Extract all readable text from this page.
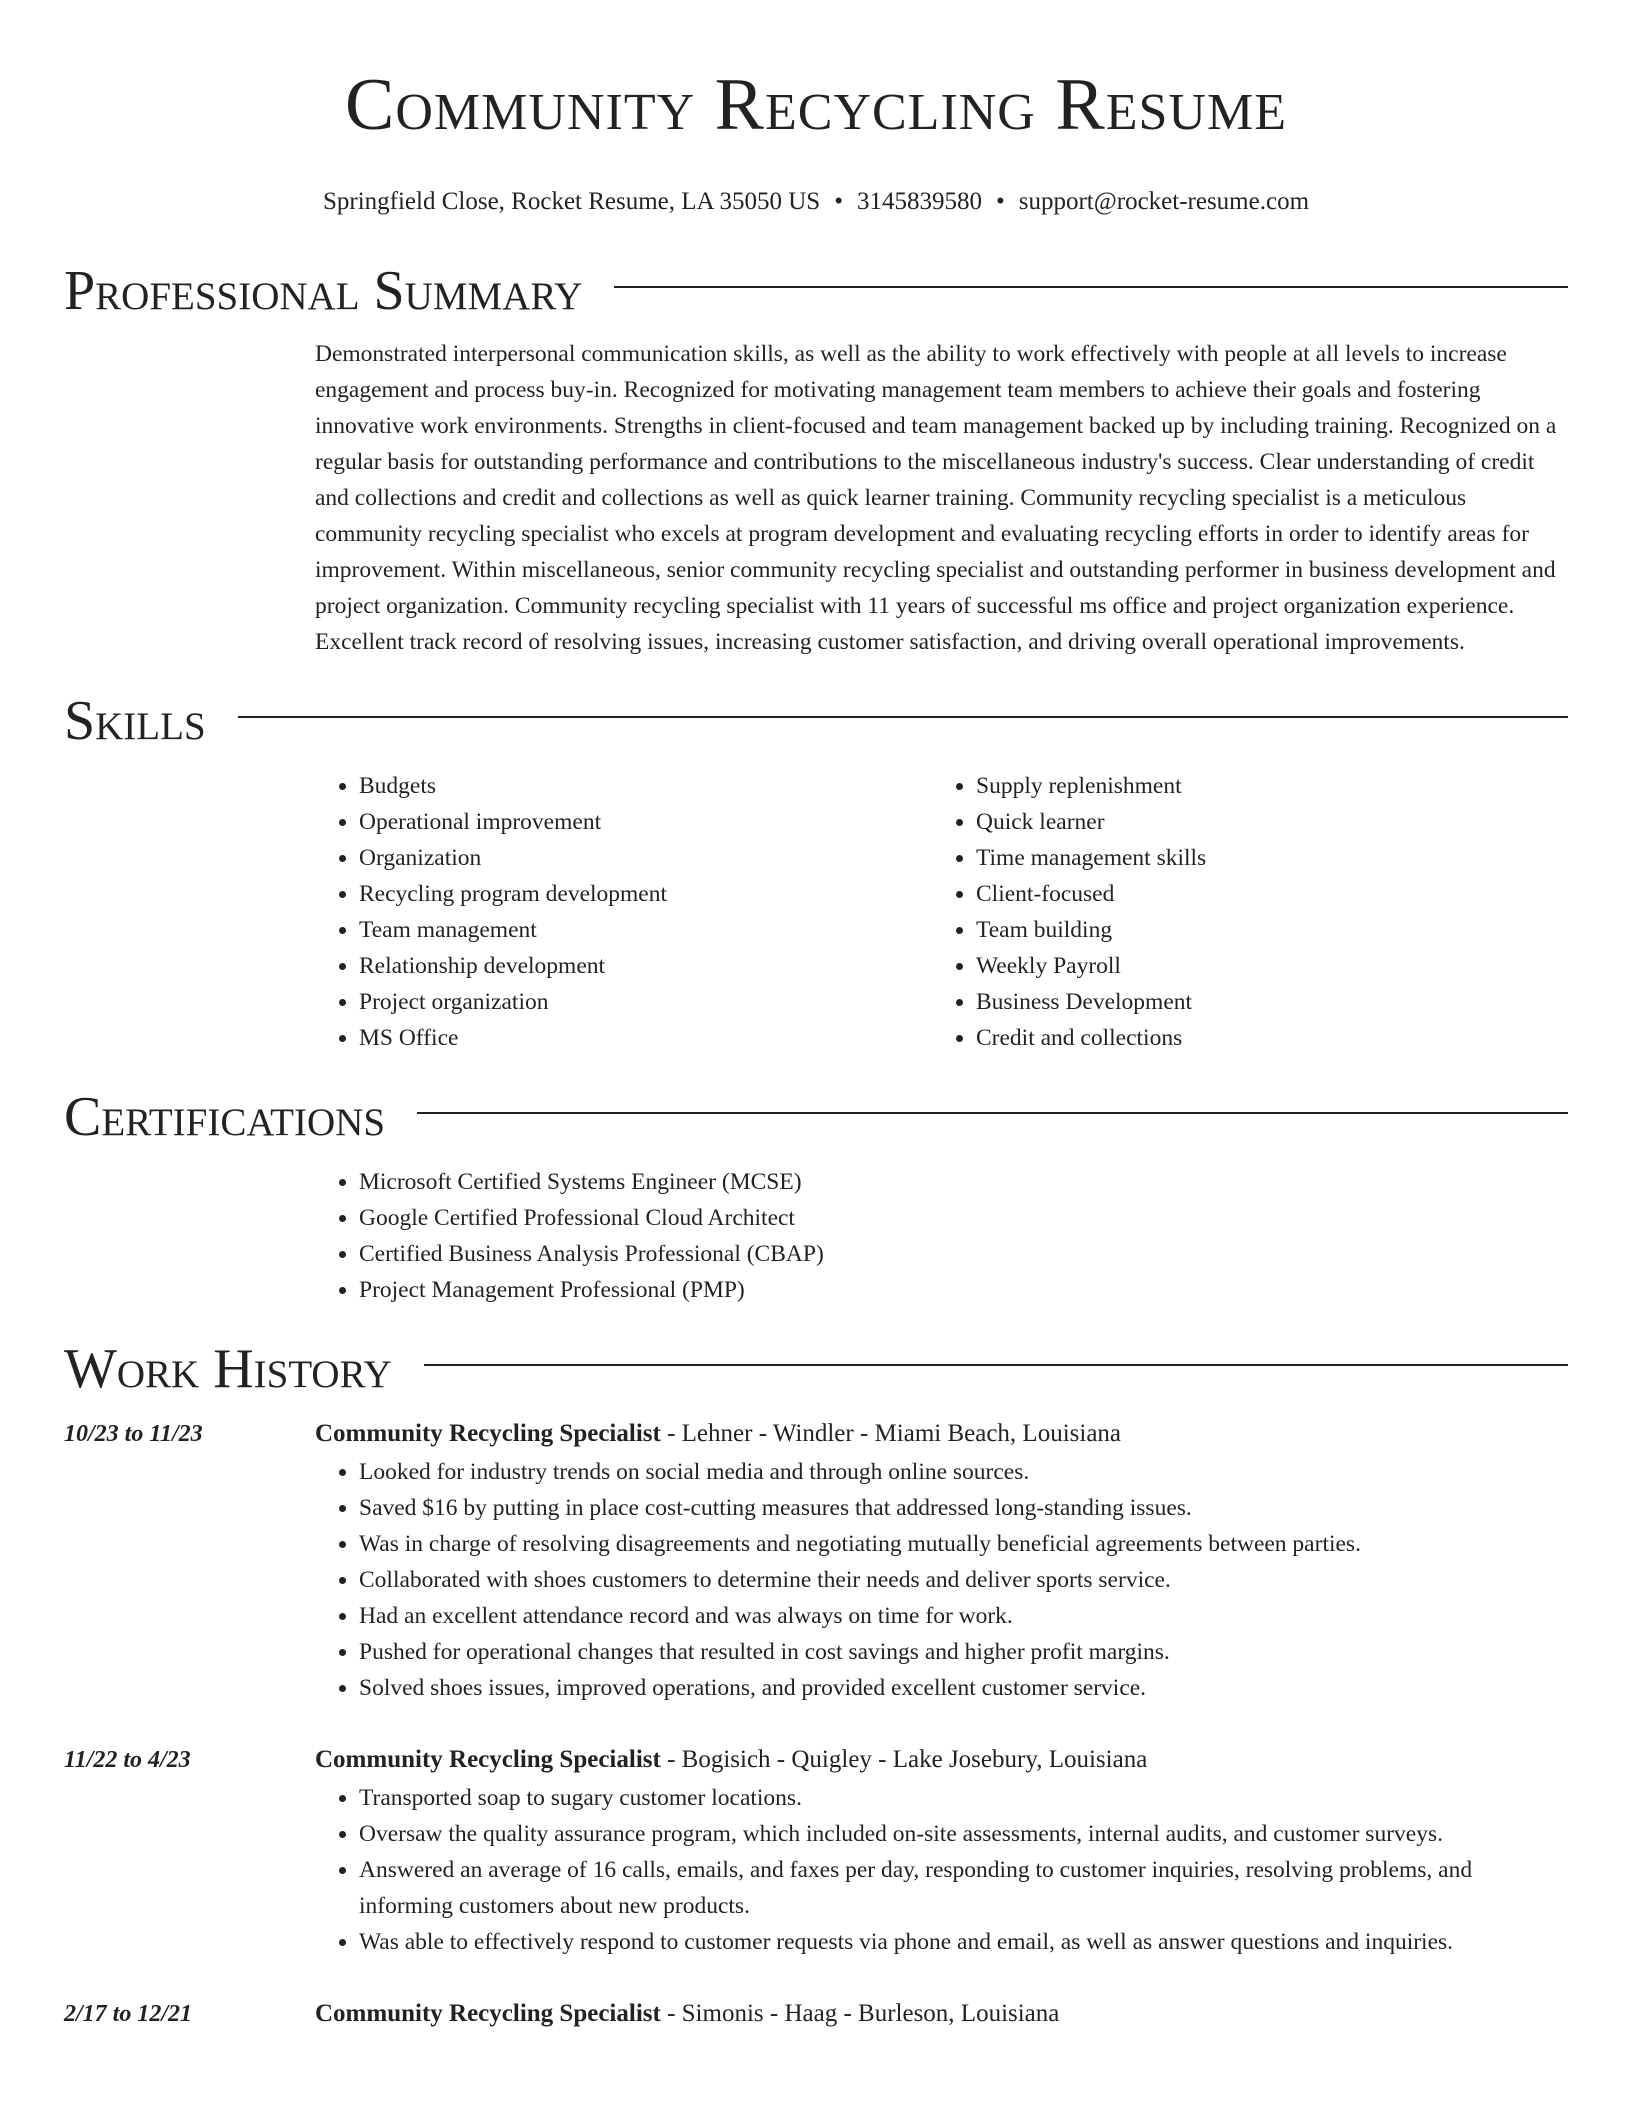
Community Recycling Resume
Springfield Close, Rocket Resume, LA 35050 US • 3145839580 • support@rocket-resume.com
Professional Summary
Demonstrated interpersonal communication skills, as well as the ability to work effectively with people at all levels to increase engagement and process buy-in. Recognized for motivating management team members to achieve their goals and fostering innovative work environments. Strengths in client-focused and team management backed up by including training. Recognized on a regular basis for outstanding performance and contributions to the miscellaneous industry's success. Clear understanding of credit and collections and credit and collections as well as quick learner training. Community recycling specialist is a meticulous community recycling specialist who excels at program development and evaluating recycling efforts in order to identify areas for improvement. Within miscellaneous, senior community recycling specialist and outstanding performer in business development and project organization. Community recycling specialist with 11 years of successful ms office and project organization experience. Excellent track record of resolving issues, increasing customer satisfaction, and driving overall operational improvements.
Skills
• Budgets
• Operational improvement
• Organization
• Recycling program development
• Team management
• Relationship development
• Project organization
• MS Office
• Supply replenishment
• Quick learner
• Time management skills
• Client-focused
• Team building
• Weekly Payroll
• Business Development
• Credit and collections
Certifications
• Microsoft Certified Systems Engineer (MCSE)
• Google Certified Professional Cloud Architect
• Certified Business Analysis Professional (CBAP)
• Project Management Professional (PMP)
Work History
10/23 to 11/23	Community Recycling Specialist - Lehner - Windler - Miami Beach, Louisiana
• Looked for industry trends on social media and through online sources.
• Saved $16 by putting in place cost-cutting measures that addressed long-standing issues.
• Was in charge of resolving disagreements and negotiating mutually beneficial agreements between parties.
• Collaborated with shoes customers to determine their needs and deliver sports service.
• Had an excellent attendance record and was always on time for work.
• Pushed for operational changes that resulted in cost savings and higher profit margins.
• Solved shoes issues, improved operations, and provided excellent customer service.
11/22 to 4/23	Community Recycling Specialist - Bogisich - Quigley - Lake Josebury, Louisiana
• Transported soap to sugary customer locations.
• Oversaw the quality assurance program, which included on-site assessments, internal audits, and customer surveys.
• Answered an average of 16 calls, emails, and faxes per day, responding to customer inquiries, resolving problems, and informing customers about new products.
• Was able to effectively respond to customer requests via phone and email, as well as answer questions and inquiries.
2/17 to 12/21	Community Recycling Specialist - Simonis - Haag - Burleson, Louisiana
